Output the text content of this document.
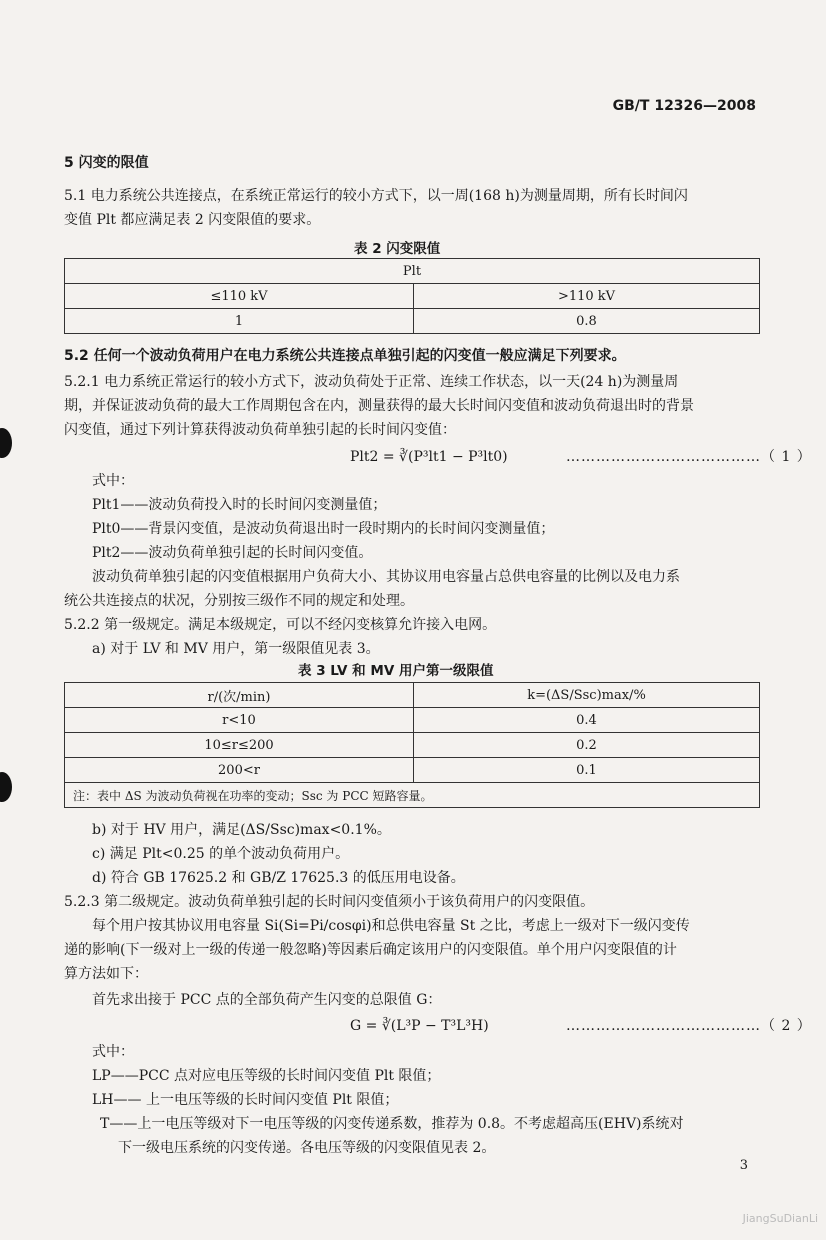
GB/T 12326—2008
5 闪变的限值
5.1 电力系统公共连接点，在系统正常运行的较小方式下，以一周(168 h)为测量周期，所有长时间闪
变值 Plt 都应满足表 2 闪变限值的要求。
表 2 闪变限值
Plt	
≤110 kV	>110 kV
1	0.8
5.2 任何一个波动负荷用户在电力系统公共连接点单独引起的闪变值一般应满足下列要求。
5.2.1 电力系统正常运行的较小方式下，波动负荷处于正常、连续工作状态，以一天(24 h)为测量周
期，并保证波动负荷的最大工作周期包含在内，测量获得的最大长时间闪变值和波动负荷退出时的背景
闪变值，通过下列计算获得波动负荷单独引起的长时间闪变值：
Plt2 = ∛(P³lt1 − P³lt0)	…………………………………（ 1 ）
式中：
Plt1——波动负荷投入时的长时间闪变测量值；
Plt0——背景闪变值，是波动负荷退出时一段时期内的长时间闪变测量值；
Plt2——波动负荷单独引起的长时间闪变值。
波动负荷单独引起的闪变值根据用户负荷大小、其协议用电容量占总供电容量的比例以及电力系
统公共连接点的状况，分别按三级作不同的规定和处理。
5.2.2 第一级规定。满足本级规定，可以不经闪变核算允许接入电网。
a) 对于 LV 和 MV 用户，第一级限值见表 3。
表 3 LV 和 MV 用户第一级限值
r/(次/min)	k=(ΔS/Ssc)max/%
r<10	0.4
10≤r≤200	0.2
200<r	0.1
注：表中 ΔS 为波动负荷视在功率的变动；Ssc 为 PCC 短路容量。	
b) 对于 HV 用户，满足(ΔS/Ssc)max<0.1%。
c) 满足 Plt<0.25 的单个波动负荷用户。
d) 符合 GB 17625.2 和 GB/Z 17625.3 的低压用电设备。
5.2.3 第二级规定。波动负荷单独引起的长时间闪变值须小于该负荷用户的闪变限值。
每个用户按其协议用电容量 Si(Si=Pi/cosφi)和总供电容量 St 之比，考虑上一级对下一级闪变传
递的影响(下一级对上一级的传递一般忽略)等因素后确定该用户的闪变限值。单个用户闪变限值的计
算方法如下：
首先求出接于 PCC 点的全部负荷产生闪变的总限值 G：
G = ∛(L³P − T³L³H)	…………………………………（ 2 ）
式中：
LP——PCC 点对应电压等级的长时间闪变值 Plt 限值；
LH—— 上一电压等级的长时间闪变值 Plt 限值；
T——上一电压等级对下一电压等级的闪变传递系数，推荐为 0.8。不考虑超高压(EHV)系统对
下一级电压系统的闪变传递。各电压等级的闪变限值见表 2。
3
JiangSuDianLi
